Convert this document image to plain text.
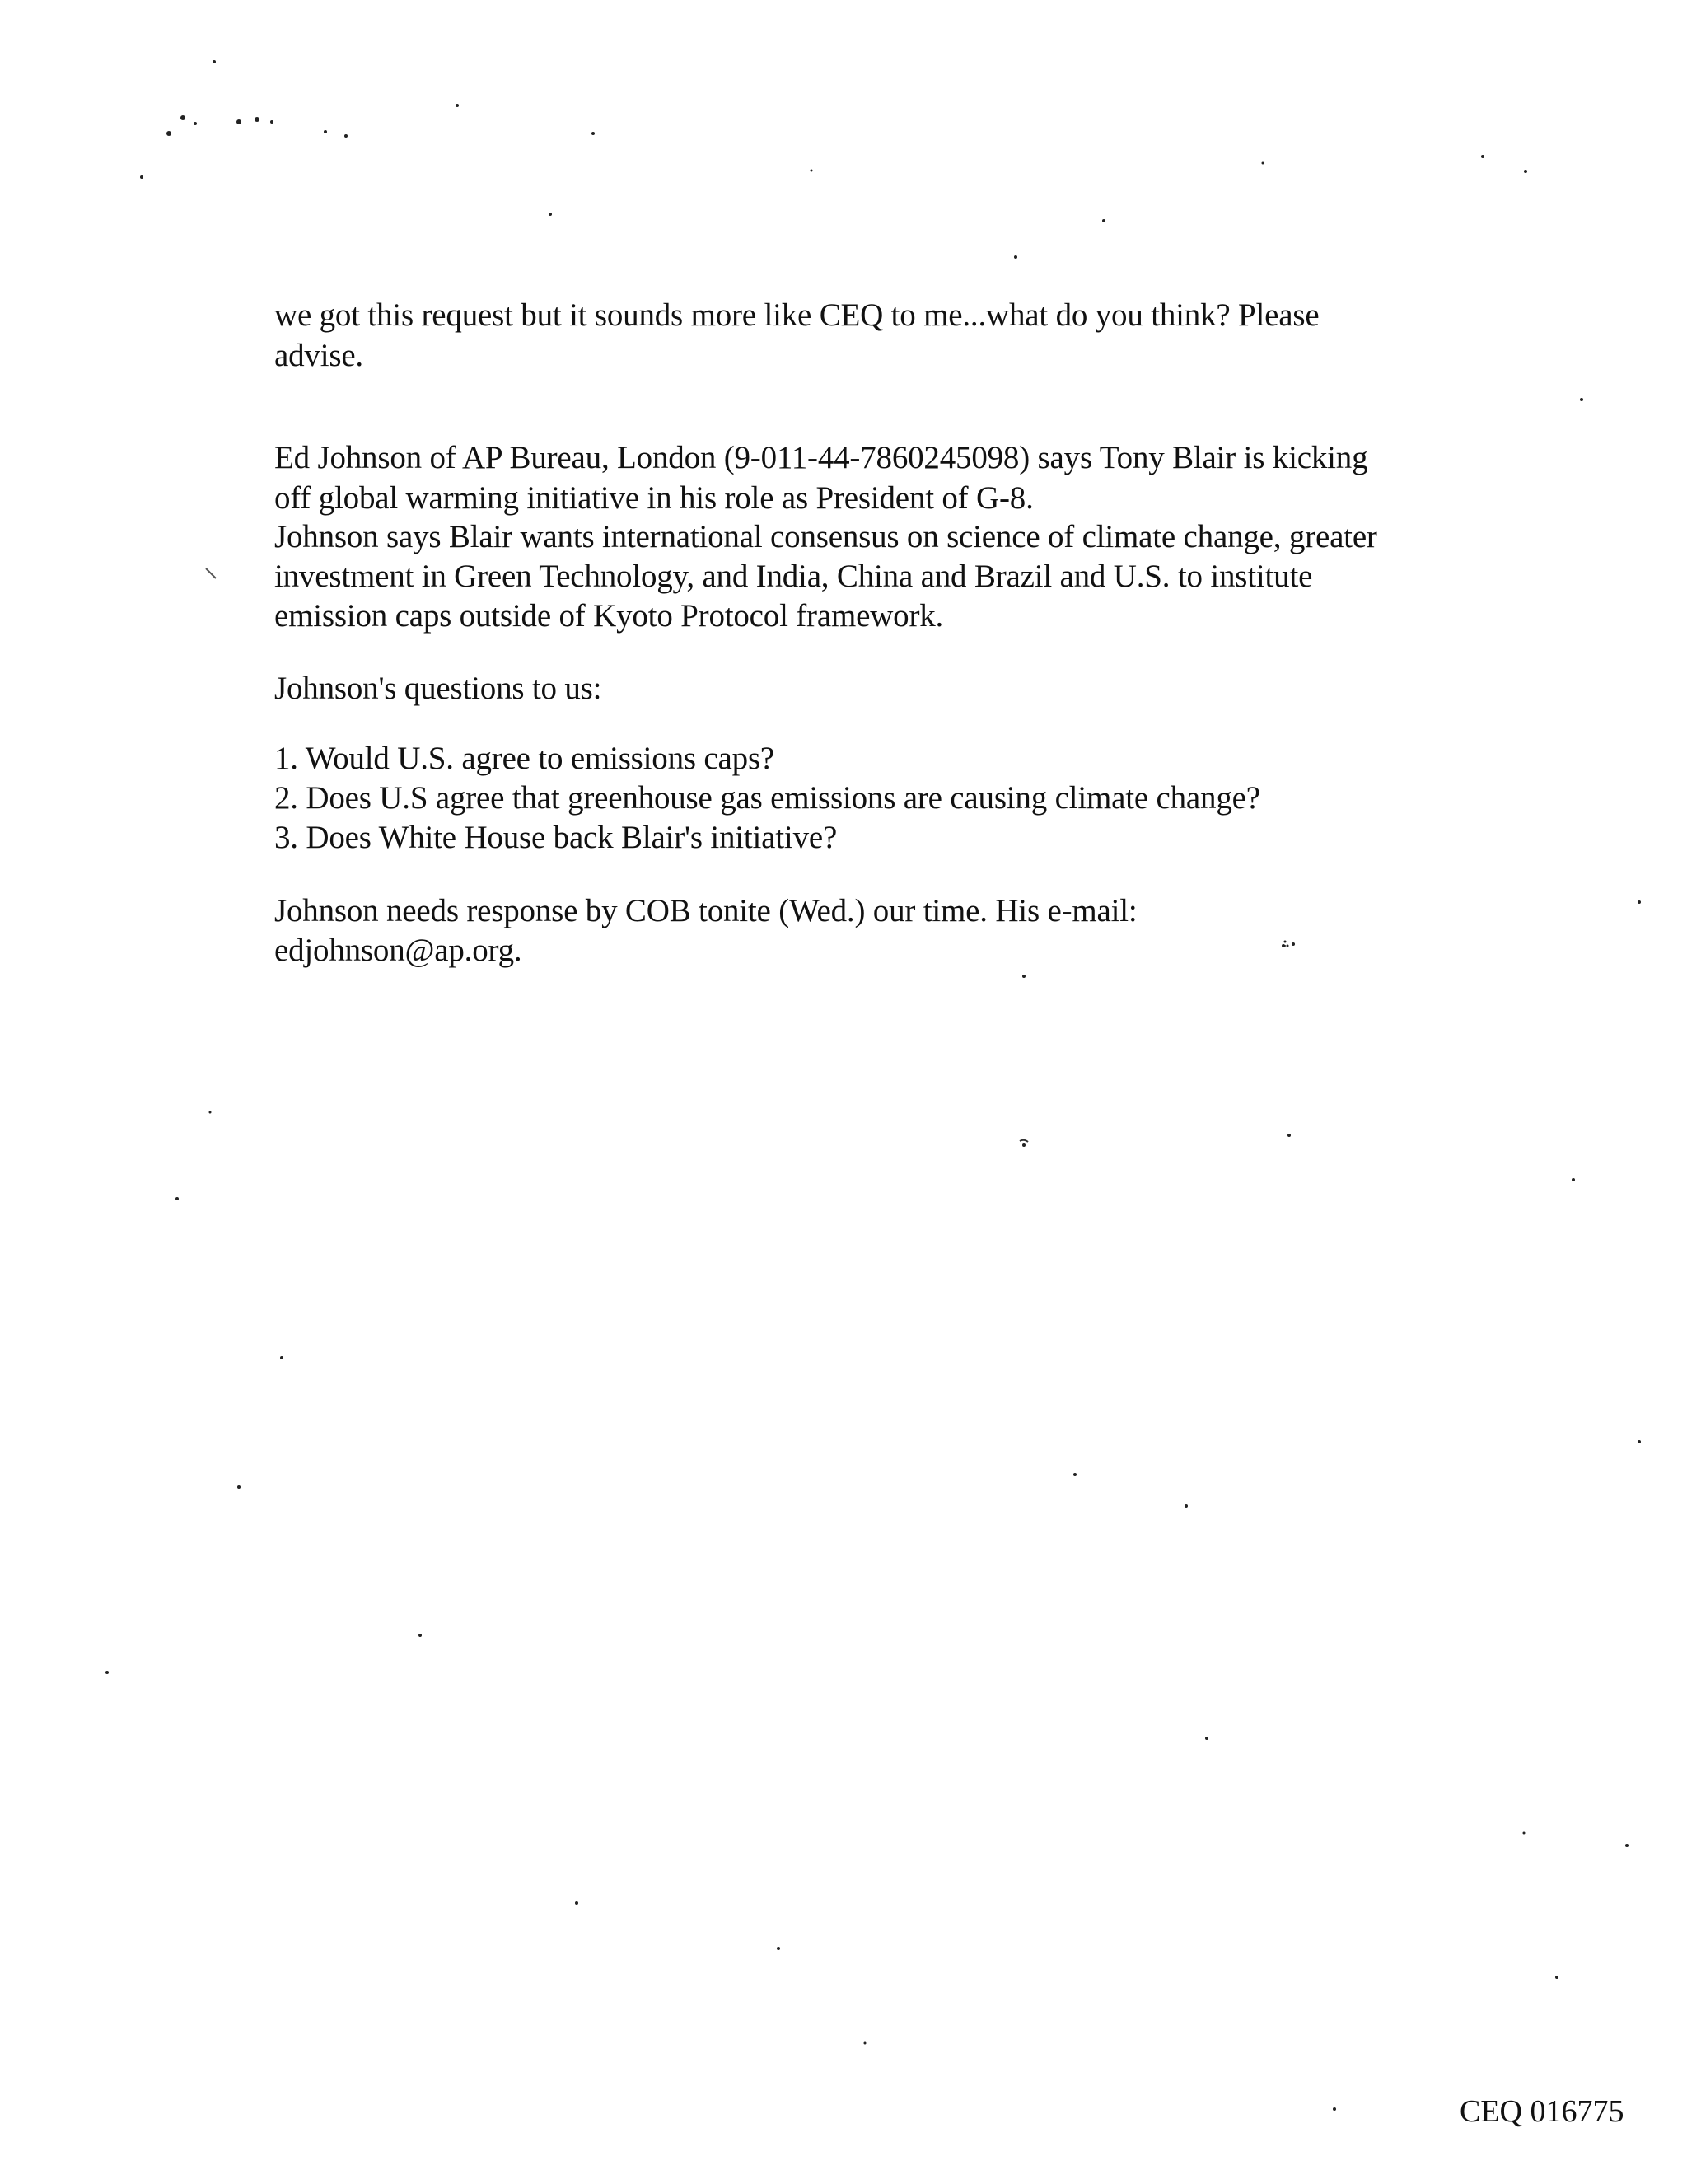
we got this request but it sounds more like CEQ to me...what do you think? Please
advise.
Ed Johnson of AP Bureau, London (9-011-44-7860245098) says Tony Blair is kicking
off global warming initiative in his role as President of G-8.
Johnson says Blair wants international consensus on science of climate change, greater
investment in Green Technology, and India, China and Brazil and U.S. to institute
emission caps outside of Kyoto Protocol framework.
Johnson's questions to us:
1. Would U.S. agree to emissions caps?
2. Does U.S agree that greenhouse gas emissions are causing climate change?
3. Does White House back Blair's initiative?
Johnson needs response by COB tonite (Wed.) our time. His e-mail:
edjohnson@ap.org.
CEQ 016775
